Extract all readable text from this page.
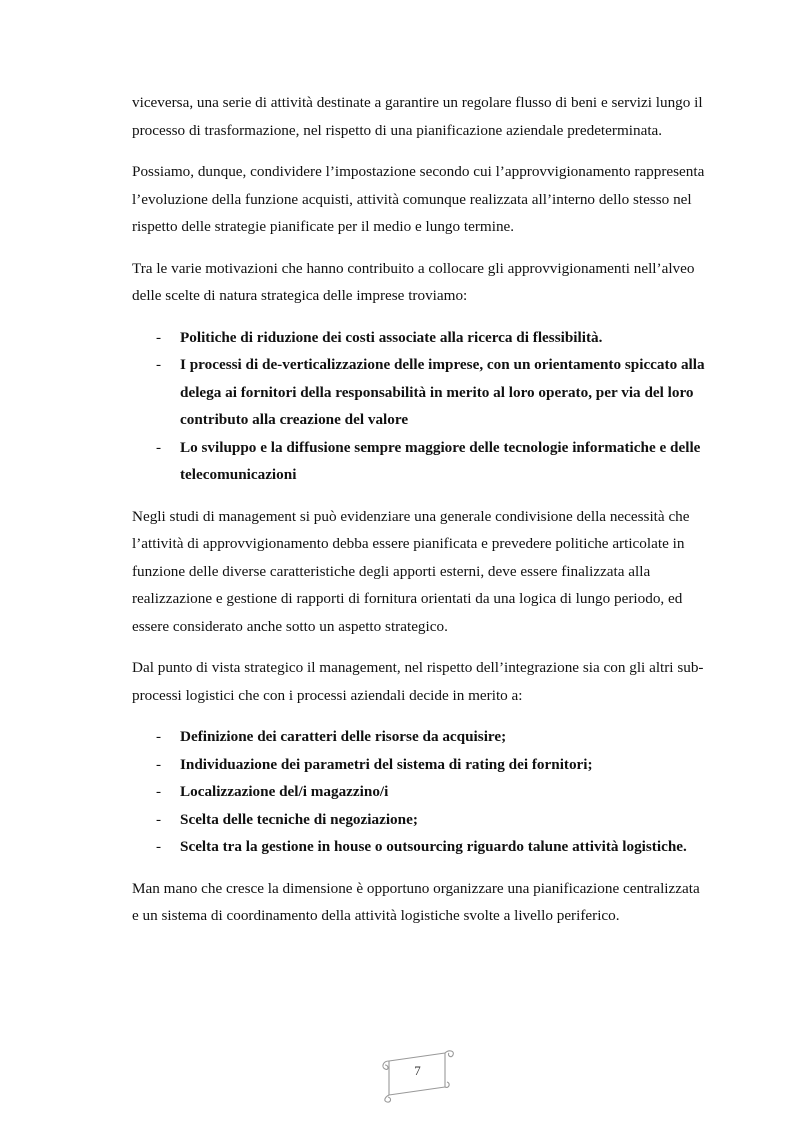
viceversa, una serie di attività destinate a garantire un regolare flusso di beni e servizi lungo il processo di trasformazione, nel rispetto di una pianificazione aziendale predeterminata.

Possiamo, dunque, condividere l’impostazione secondo cui l’approvvigionamento rappresenta l’evoluzione della funzione acquisti, attività comunque realizzata all’interno dello stesso nel rispetto delle strategie pianificate per il medio e lungo termine.

Tra le varie motivazioni che hanno contribuito a collocare gli approvvigionamenti nell’alveo delle scelte di natura strategica delle imprese troviamo:

- Politiche di riduzione dei costi associate alla ricerca di flessibilità.
- I processi di de-verticalizzazione delle imprese, con un orientamento spiccato alla delega ai fornitori della responsabilità in merito al loro operato, per via del loro contributo alla creazione del valore
- Lo sviluppo e la diffusione sempre maggiore delle tecnologie informatiche e delle telecomunicazioni

Negli studi di management si può evidenziare una generale condivisione della necessità che l’attività di approvvigionamento debba essere pianificata e prevedere politiche articolate in funzione delle diverse caratteristiche degli apporti esterni, deve essere finalizzata alla realizzazione e gestione di rapporti di fornitura orientati da una logica di lungo periodo, ed essere considerato anche sotto un aspetto strategico.

Dal punto di vista strategico il management, nel rispetto dell’integrazione sia con gli altri sub-processi logistici che con i processi aziendali decide in merito a:

- Definizione dei caratteri delle risorse da acquisire;
- Individuazione dei parametri del sistema di rating dei fornitori;
- Localizzazione del/i magazzino/i
- Scelta delle tecniche di negoziazione;
- Scelta tra la gestione in house o outsourcing riguardo talune attività logistiche.

Man mano che cresce la dimensione è opportuno organizzare una pianificazione centralizzata e un sistema di coordinamento della attività logistiche svolte a livello periferico.

7
